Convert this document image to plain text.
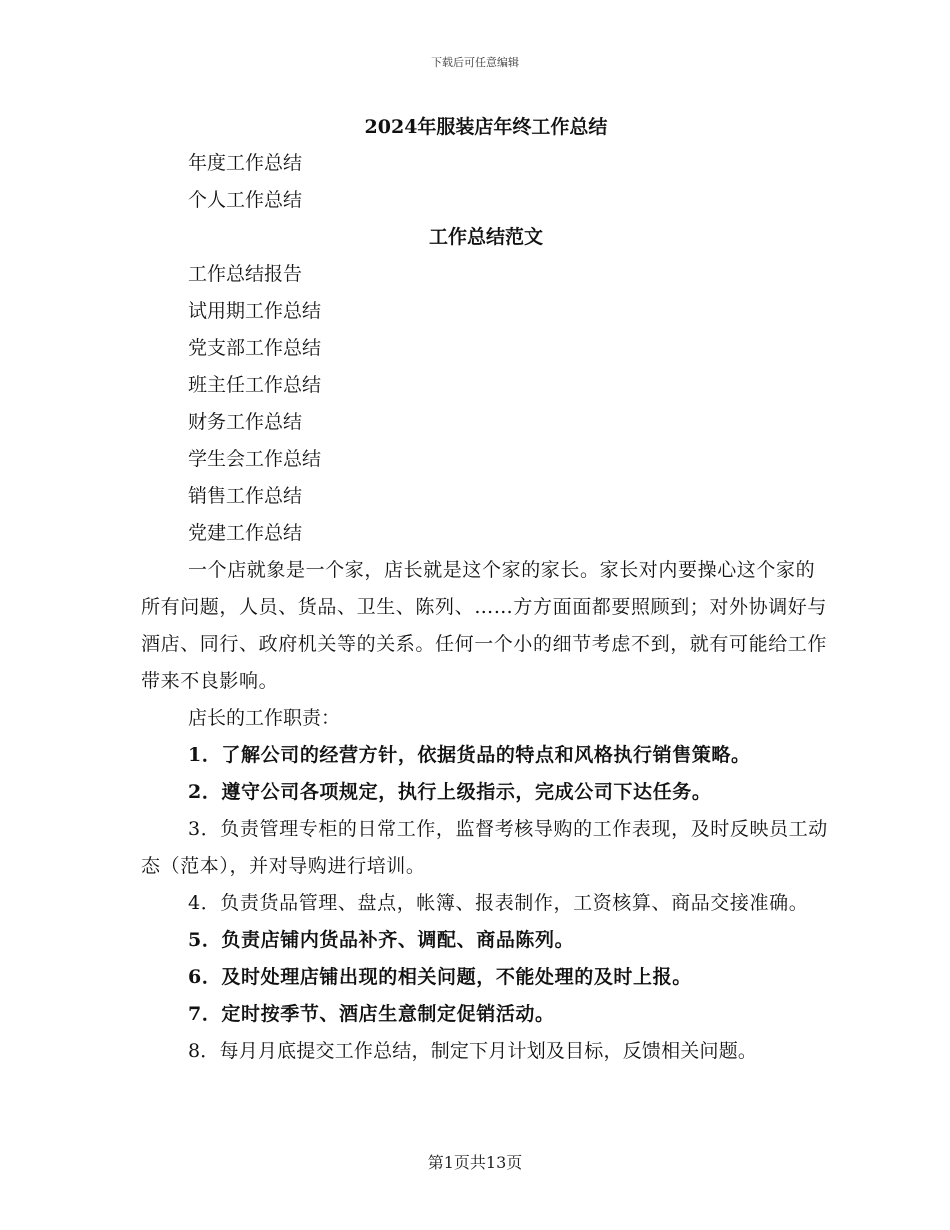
下载后可任意编辑
2024年服装店年终工作总结
年度工作总结
个人工作总结
工作总结范文
工作总结报告
试用期工作总结
党支部工作总结
班主任工作总结
财务工作总结
学生会工作总结
销售工作总结
党建工作总结

一个店就象是一个家，店长就是这个家的家长。家长对内要操心这个家的所有问题，人员、货品、卫生、陈列、……方方面面都要照顾到；对外协调好与酒店、同行、政府机关等的关系。任何一个小的细节考虑不到，就有可能给工作带来不良影响。

店长的工作职责：

1．了解公司的经营方针，依据货品的特点和风格执行销售策略。

2．遵守公司各项规定，执行上级指示，完成公司下达任务。

3．负责管理专柜的日常工作，监督考核导购的工作表现，及时反映员工动态（范本），并对导购进行培训。

4．负责货品管理、盘点，帐簿、报表制作，工资核算、商品交接准确。

5．负责店铺内货品补齐、调配、商品陈列。

6．及时处理店铺出现的相关问题，不能处理的及时上报。

7．定时按季节、酒店生意制定促销活动。

8．每月月底提交工作总结，制定下月计划及目标，反馈相关问题。

第1页共13页
